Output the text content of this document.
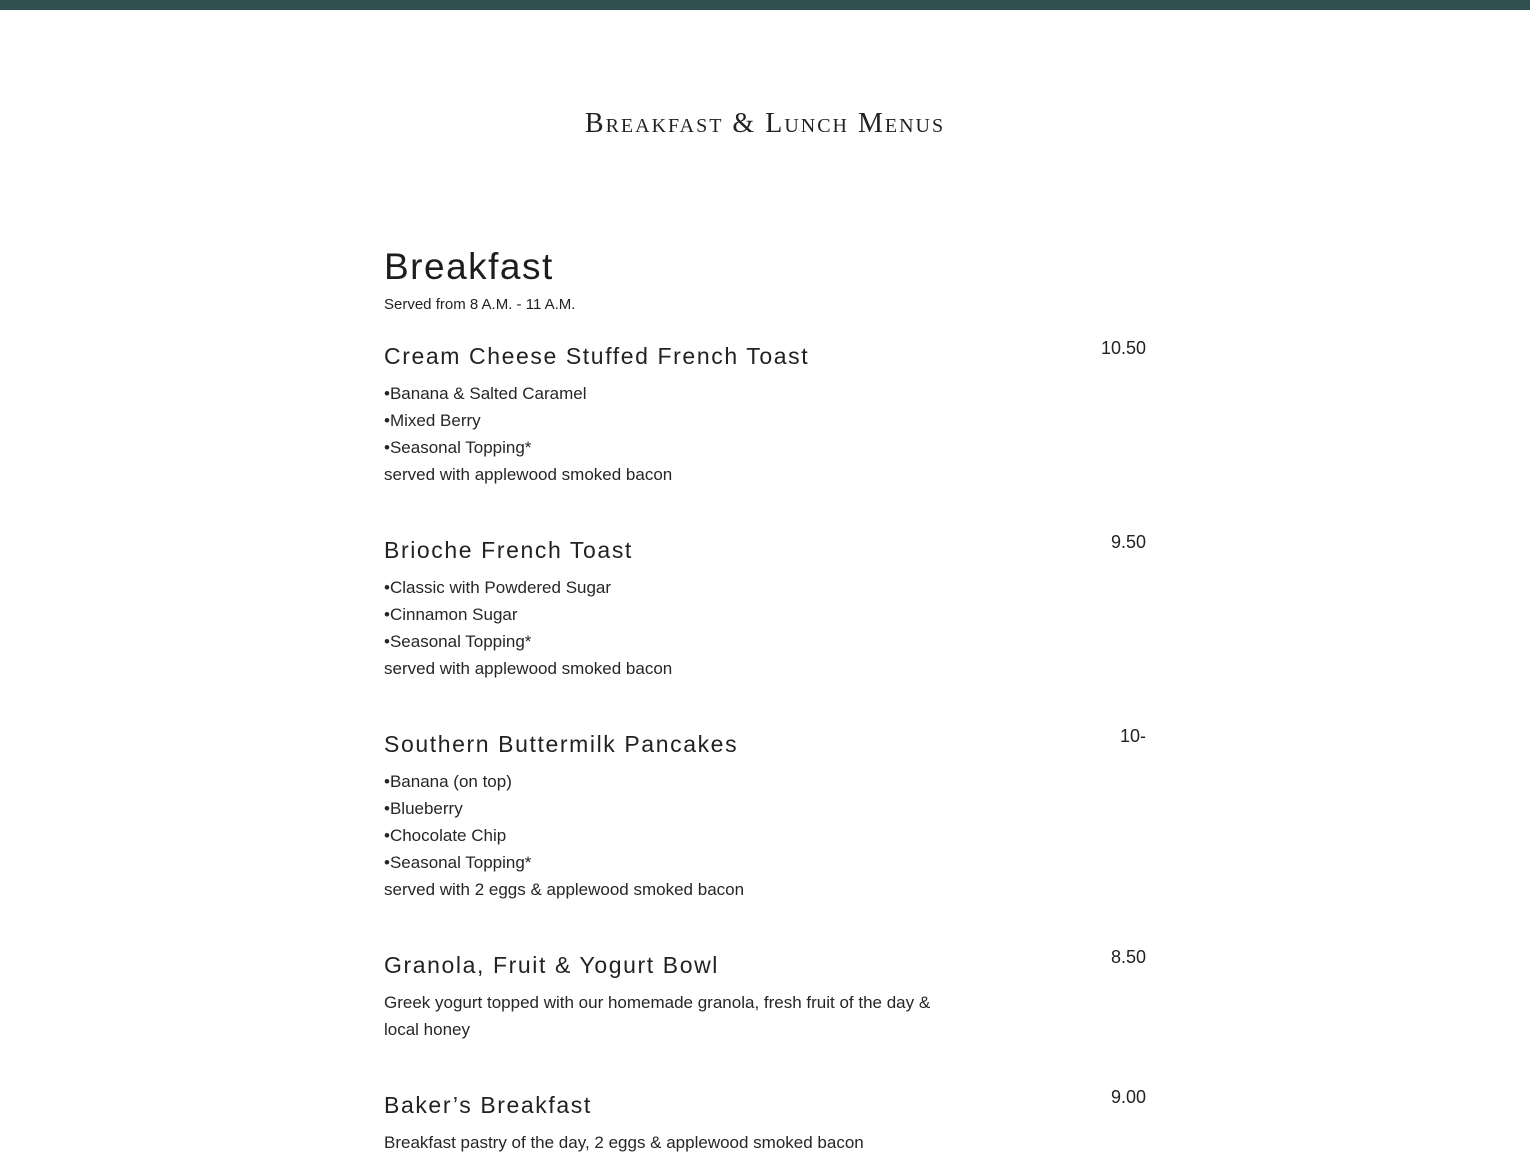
Breakfast & Lunch Menus
Breakfast

Served from 8 A.M. - 11 A.M.

Cream Cheese Stuffed French Toast	10.50
•Banana & Salted Caramel
•Mixed Berry
•Seasonal Topping*
served with applewood smoked bacon
Brioche French Toast	9.50
•Classic with Powdered Sugar
•Cinnamon Sugar
•Seasonal Topping*
served with applewood smoked bacon
Southern Buttermilk Pancakes	10-
•Banana (on top)
•Blueberry
•Chocolate Chip
•Seasonal Topping*
served with 2 eggs & applewood smoked bacon
Granola, Fruit & Yogurt Bowl	8.50
Greek yogurt topped with our homemade granola, fresh fruit of the day & local honey
Baker’s Breakfast	9.00
Breakfast pastry of the day, 2 eggs & applewood smoked bacon
